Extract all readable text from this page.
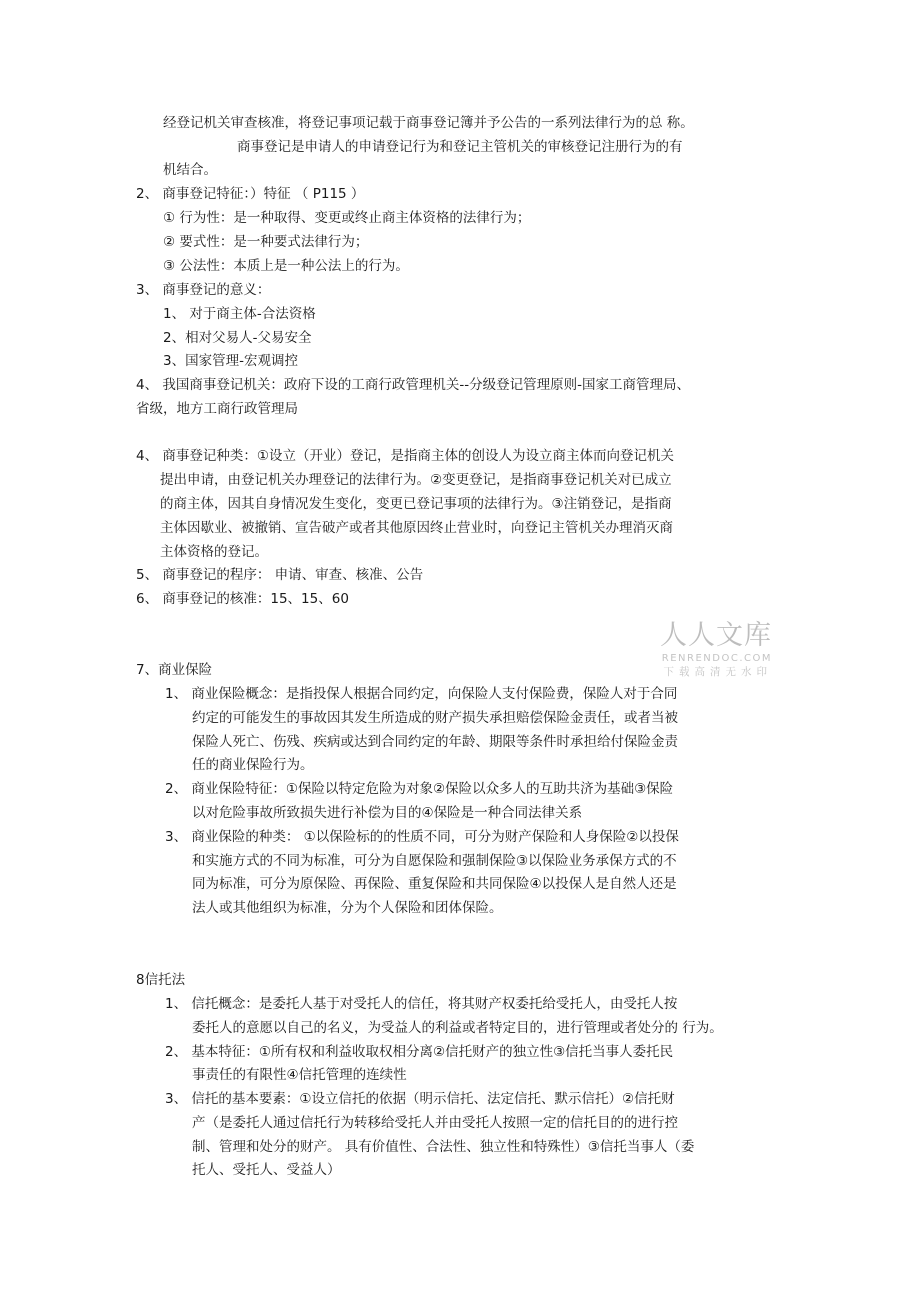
经登记机关审查核准，将登记事项记载于商事登记簿并予公告的一系列法律行为的总 称。
商事登记是申请人的申请登记行为和登记主管机关的审核登记注册行为的有
机结合。
2、 商事登记特征：）特征 （ P115 ）
① 行为性：是一种取得、变更或终止商主体资格的法律行为；
② 要式性：是一种要式法律行为；
③ 公法性：本质上是一种公法上的行为。
3、 商事登记的意义：
1、 对于商主体-合法资格
2、相对父易人-父易安全
3、国家管理-宏观调控
4、 我国商事登记机关：政府下设的工商行政管理机关--分级登记管理原则-国家工商管理局、
省级，地方工商行政管理局
4、 商事登记种类：①设立（开业）登记，是指商主体的创设人为设立商主体而向登记机关
提出申请，由登记机关办理登记的法律行为。②变更登记，是指商事登记机关对已成立
的商主体，因其自身情况发生变化，变更已登记事项的法律行为。③注销登记，是指商
主体因歇业、被撤销、宣告破产或者其他原因终止营业时，向登记主管机关办理消灭商
主体资格的登记。
5、 商事登记的程序： 申请、审查、核准、公告
6、 商事登记的核准：15、15、60
7、商业保险
1、 商业保险概念：是指投保人根据合同约定，向保险人支付保险费，保险人对于合同
约定的可能发生的事故因其发生所造成的财产损失承担赔偿保险金责任，或者当被
保险人死亡、伤残、疾病或达到合同约定的年龄、期限等条件时承担给付保险金责
任的商业保险行为。
2、 商业保险特征：①保险以特定危险为对象②保险以众多人的互助共济为基础③保险
以对危险事故所致损失进行补偿为目的④保险是一种合同法律关系
3、 商业保险的种类： ①以保险标的的性质不同，可分为财产保险和人身保险②以投保
和实施方式的不同为标准，可分为自愿保险和强制保险③以保险业务承保方式的不
同为标准，可分为原保险、再保险、重复保险和共同保险④以投保人是自然人还是
法人或其他组织为标准，分为个人保险和团体保险。
8信托法
1、 信托概念：是委托人基于对受托人的信任，将其财产权委托给受托人，由受托人按
委托人的意愿以自己的名义，为受益人的利益或者特定目的，进行管理或者处分的 行为。
2、 基本特征：①所有权和利益收取权相分离②信托财产的独立性③信托当事人委托民
事责任的有限性④信托管理的连续性
3、 信托的基本要素：①设立信托的依据（明示信托、法定信托、默示信托）②信托财
产（是委托人通过信托行为转移给受托人并由受托人按照一定的信托目的的进行控
制、管理和处分的财产。 具有价值性、合法性、独立性和特殊性）③信托当事人（委
托人、受托人、受益人）
人人文库
RENRENDOC.COM
下载高清无水印
